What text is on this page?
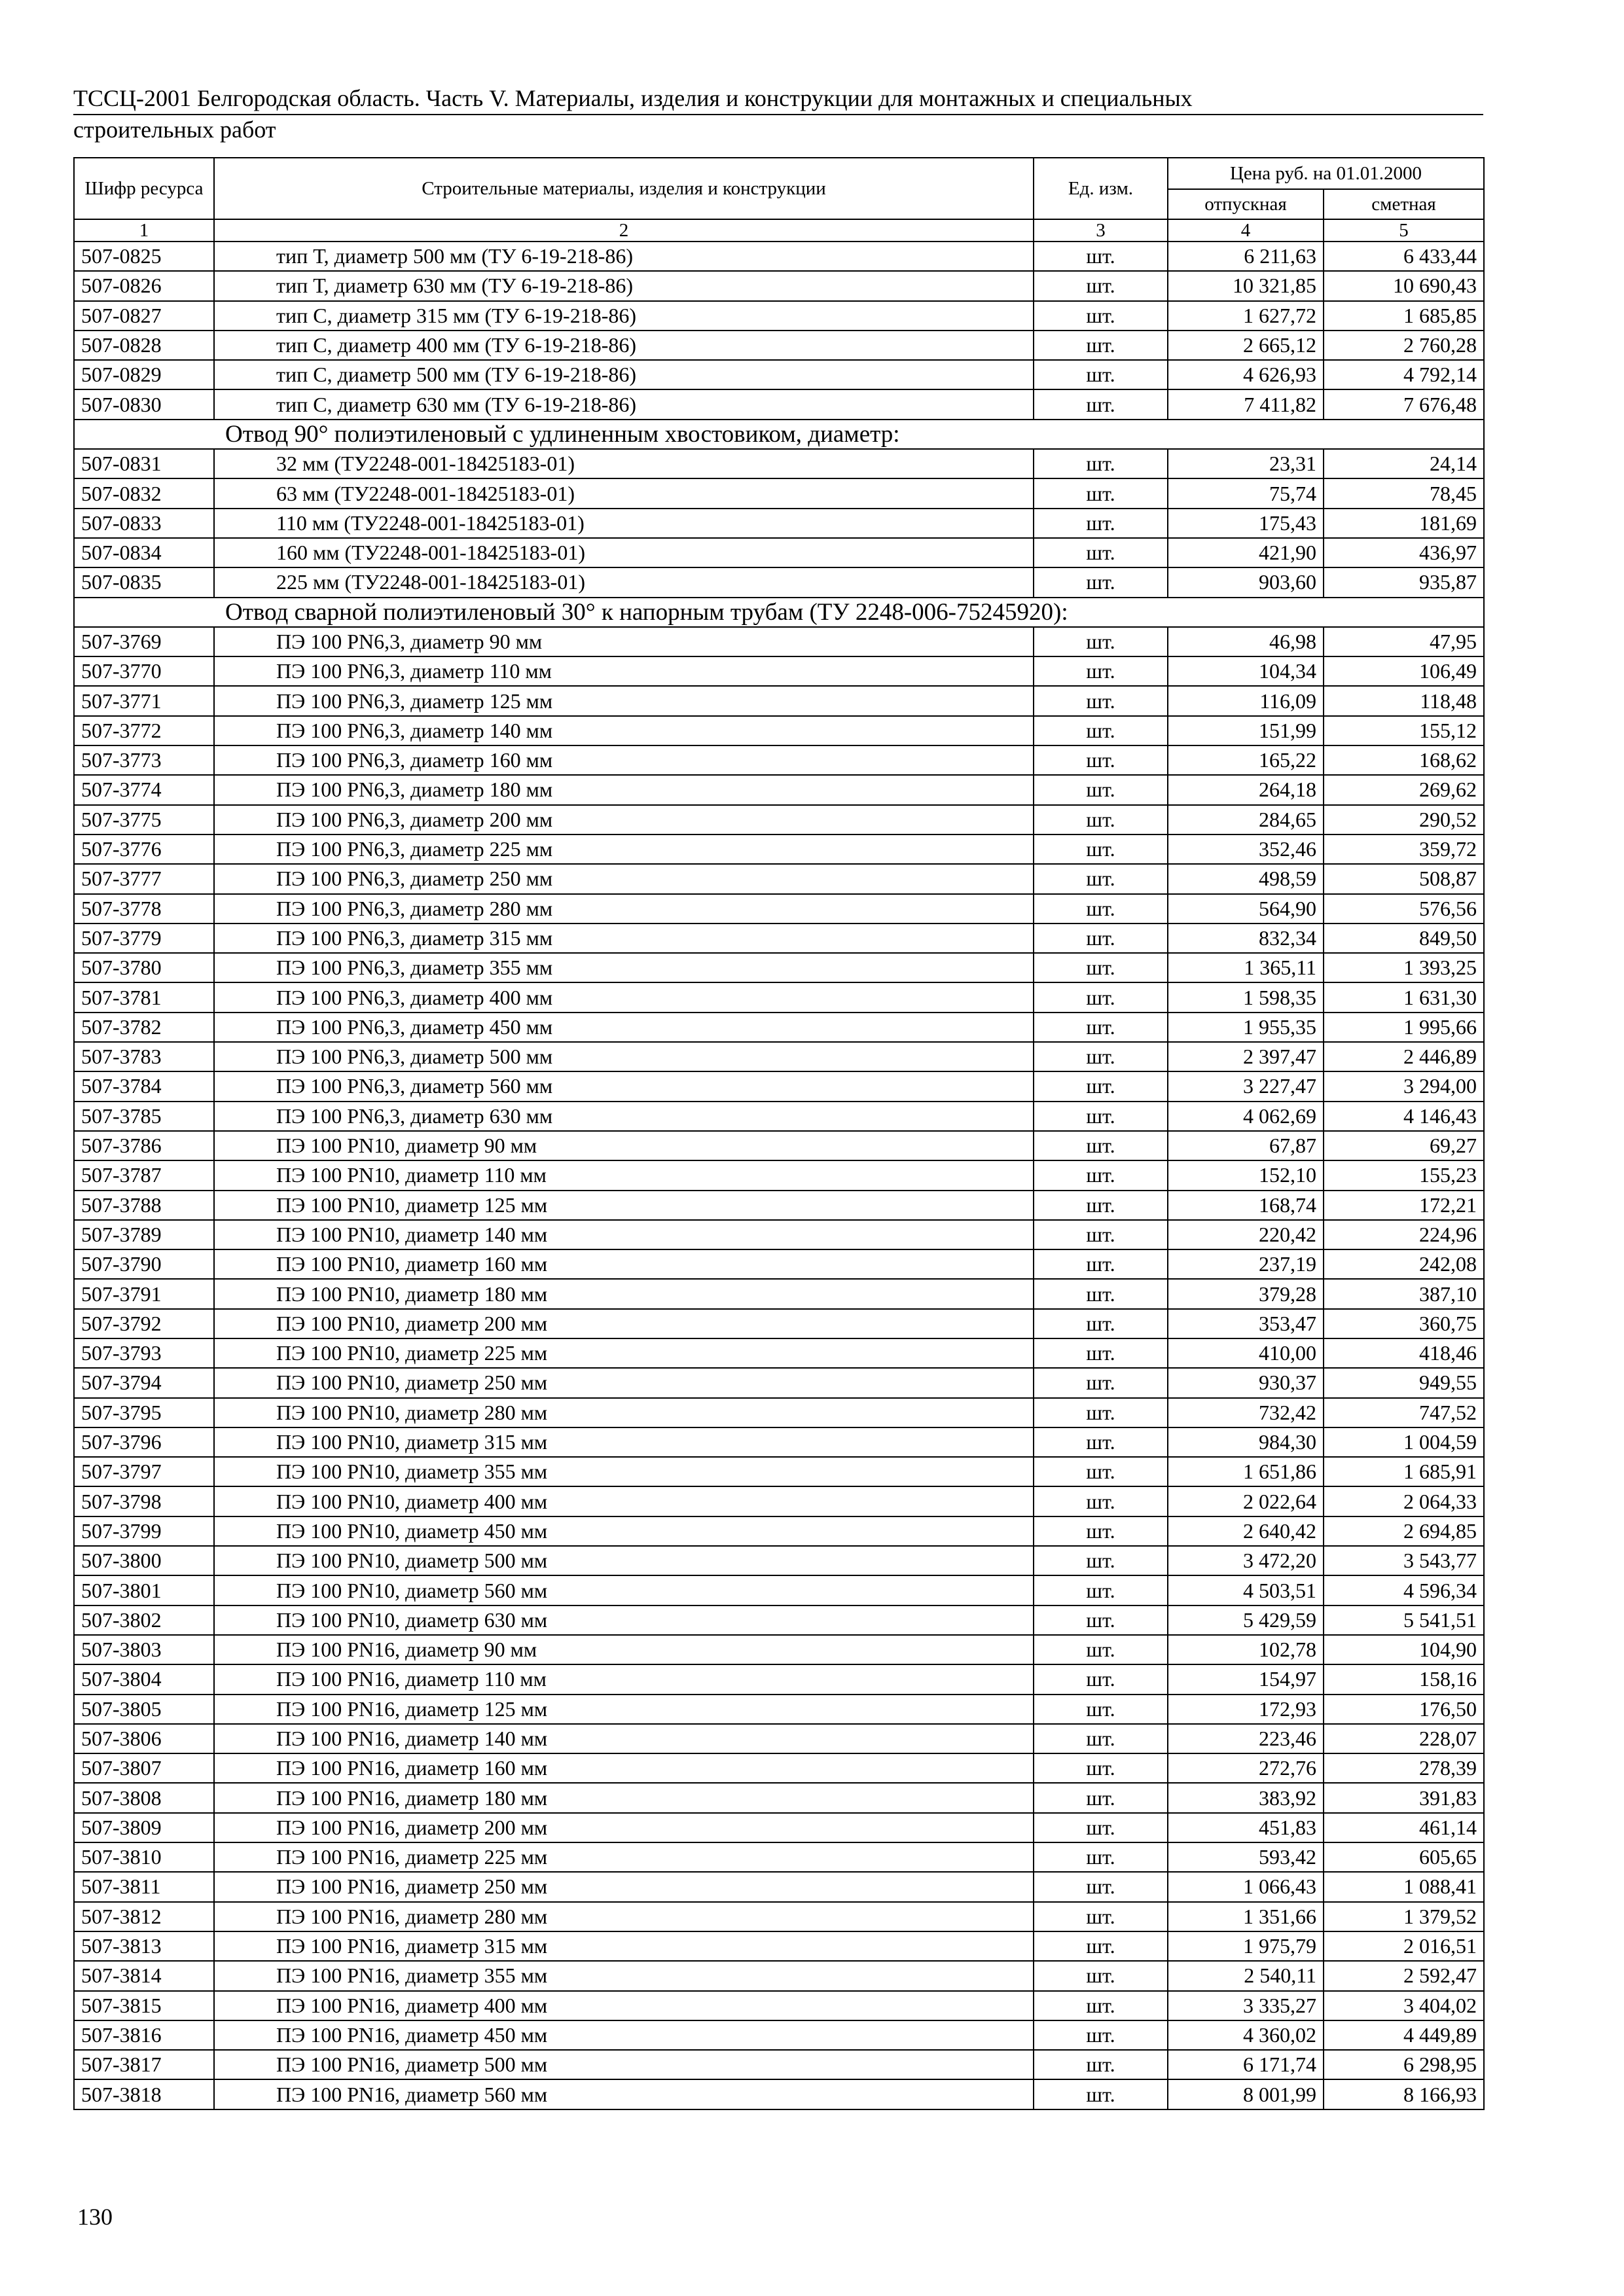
ТССЦ-2001 Белгородская область. Часть V. Материалы, изделия и конструкции для монтажных и специальных
строительных работ
Шифр ресурса	Строительные материалы, изделия и конструкции	Ед. изм.	Цена руб. на 01.01.2000	
			отпускная	сметная
1	2	3	4	5
507-0825	тип Т, диаметр 500 мм (ТУ 6-19-218-86)	шт.	6 211,63	6 433,44
507-0826	тип Т, диаметр 630 мм (ТУ 6-19-218-86)	шт.	10 321,85	10 690,43
507-0827	тип С, диаметр 315 мм (ТУ 6-19-218-86)	шт.	1 627,72	1 685,85
507-0828	тип С, диаметр 400 мм (ТУ 6-19-218-86)	шт.	2 665,12	2 760,28
507-0829	тип С, диаметр 500 мм (ТУ 6-19-218-86)	шт.	4 626,93	4 792,14
507-0830	тип С, диаметр 630 мм (ТУ 6-19-218-86)	шт.	7 411,82	7 676,48
Отвод 90° полиэтиленовый с удлиненным хвостовиком, диаметр:				
507-0831	32 мм (ТУ2248-001-18425183-01)	шт.	23,31	24,14
507-0832	63 мм (ТУ2248-001-18425183-01)	шт.	75,74	78,45
507-0833	110 мм (ТУ2248-001-18425183-01)	шт.	175,43	181,69
507-0834	160 мм (ТУ2248-001-18425183-01)	шт.	421,90	436,97
507-0835	225 мм (ТУ2248-001-18425183-01)	шт.	903,60	935,87
Отвод сварной полиэтиленовый 30° к напорным трубам (ТУ 2248-006-75245920):				
507-3769	ПЭ 100 PN6,3, диаметр 90 мм	шт.	46,98	47,95
507-3770	ПЭ 100 PN6,3, диаметр 110 мм	шт.	104,34	106,49
507-3771	ПЭ 100 PN6,3, диаметр 125 мм	шт.	116,09	118,48
507-3772	ПЭ 100 PN6,3, диаметр 140 мм	шт.	151,99	155,12
507-3773	ПЭ 100 PN6,3, диаметр 160 мм	шт.	165,22	168,62
507-3774	ПЭ 100 PN6,3, диаметр 180 мм	шт.	264,18	269,62
507-3775	ПЭ 100 PN6,3, диаметр 200 мм	шт.	284,65	290,52
507-3776	ПЭ 100 PN6,3, диаметр 225 мм	шт.	352,46	359,72
507-3777	ПЭ 100 PN6,3, диаметр 250 мм	шт.	498,59	508,87
507-3778	ПЭ 100 PN6,3, диаметр 280 мм	шт.	564,90	576,56
507-3779	ПЭ 100 PN6,3, диаметр 315 мм	шт.	832,34	849,50
507-3780	ПЭ 100 PN6,3, диаметр 355 мм	шт.	1 365,11	1 393,25
507-3781	ПЭ 100 PN6,3, диаметр 400 мм	шт.	1 598,35	1 631,30
507-3782	ПЭ 100 PN6,3, диаметр 450 мм	шт.	1 955,35	1 995,66
507-3783	ПЭ 100 PN6,3, диаметр 500 мм	шт.	2 397,47	2 446,89
507-3784	ПЭ 100 PN6,3, диаметр 560 мм	шт.	3 227,47	3 294,00
507-3785	ПЭ 100 PN6,3, диаметр 630 мм	шт.	4 062,69	4 146,43
507-3786	ПЭ 100 PN10, диаметр 90 мм	шт.	67,87	69,27
507-3787	ПЭ 100 PN10, диаметр 110 мм	шт.	152,10	155,23
507-3788	ПЭ 100 PN10, диаметр 125 мм	шт.	168,74	172,21
507-3789	ПЭ 100 PN10, диаметр 140 мм	шт.	220,42	224,96
507-3790	ПЭ 100 PN10, диаметр 160 мм	шт.	237,19	242,08
507-3791	ПЭ 100 PN10, диаметр 180 мм	шт.	379,28	387,10
507-3792	ПЭ 100 PN10, диаметр 200 мм	шт.	353,47	360,75
507-3793	ПЭ 100 PN10, диаметр 225 мм	шт.	410,00	418,46
507-3794	ПЭ 100 PN10, диаметр 250 мм	шт.	930,37	949,55
507-3795	ПЭ 100 PN10, диаметр 280 мм	шт.	732,42	747,52
507-3796	ПЭ 100 PN10, диаметр 315 мм	шт.	984,30	1 004,59
507-3797	ПЭ 100 PN10, диаметр 355 мм	шт.	1 651,86	1 685,91
507-3798	ПЭ 100 PN10, диаметр 400 мм	шт.	2 022,64	2 064,33
507-3799	ПЭ 100 PN10, диаметр 450 мм	шт.	2 640,42	2 694,85
507-3800	ПЭ 100 PN10, диаметр 500 мм	шт.	3 472,20	3 543,77
507-3801	ПЭ 100 PN10, диаметр 560 мм	шт.	4 503,51	4 596,34
507-3802	ПЭ 100 PN10, диаметр 630 мм	шт.	5 429,59	5 541,51
507-3803	ПЭ 100 PN16, диаметр 90 мм	шт.	102,78	104,90
507-3804	ПЭ 100 PN16, диаметр 110 мм	шт.	154,97	158,16
507-3805	ПЭ 100 PN16, диаметр 125 мм	шт.	172,93	176,50
507-3806	ПЭ 100 PN16, диаметр 140 мм	шт.	223,46	228,07
507-3807	ПЭ 100 PN16, диаметр 160 мм	шт.	272,76	278,39
507-3808	ПЭ 100 PN16, диаметр 180 мм	шт.	383,92	391,83
507-3809	ПЭ 100 PN16, диаметр 200 мм	шт.	451,83	461,14
507-3810	ПЭ 100 PN16, диаметр 225 мм	шт.	593,42	605,65
507-3811	ПЭ 100 PN16, диаметр 250 мм	шт.	1 066,43	1 088,41
507-3812	ПЭ 100 PN16, диаметр 280 мм	шт.	1 351,66	1 379,52
507-3813	ПЭ 100 PN16, диаметр 315 мм	шт.	1 975,79	2 016,51
507-3814	ПЭ 100 PN16, диаметр 355 мм	шт.	2 540,11	2 592,47
507-3815	ПЭ 100 PN16, диаметр 400 мм	шт.	3 335,27	3 404,02
507-3816	ПЭ 100 PN16, диаметр 450 мм	шт.	4 360,02	4 449,89
507-3817	ПЭ 100 PN16, диаметр 500 мм	шт.	6 171,74	6 298,95
507-3818	ПЭ 100 PN16, диаметр 560 мм	шт.	8 001,99	8 166,93
130
